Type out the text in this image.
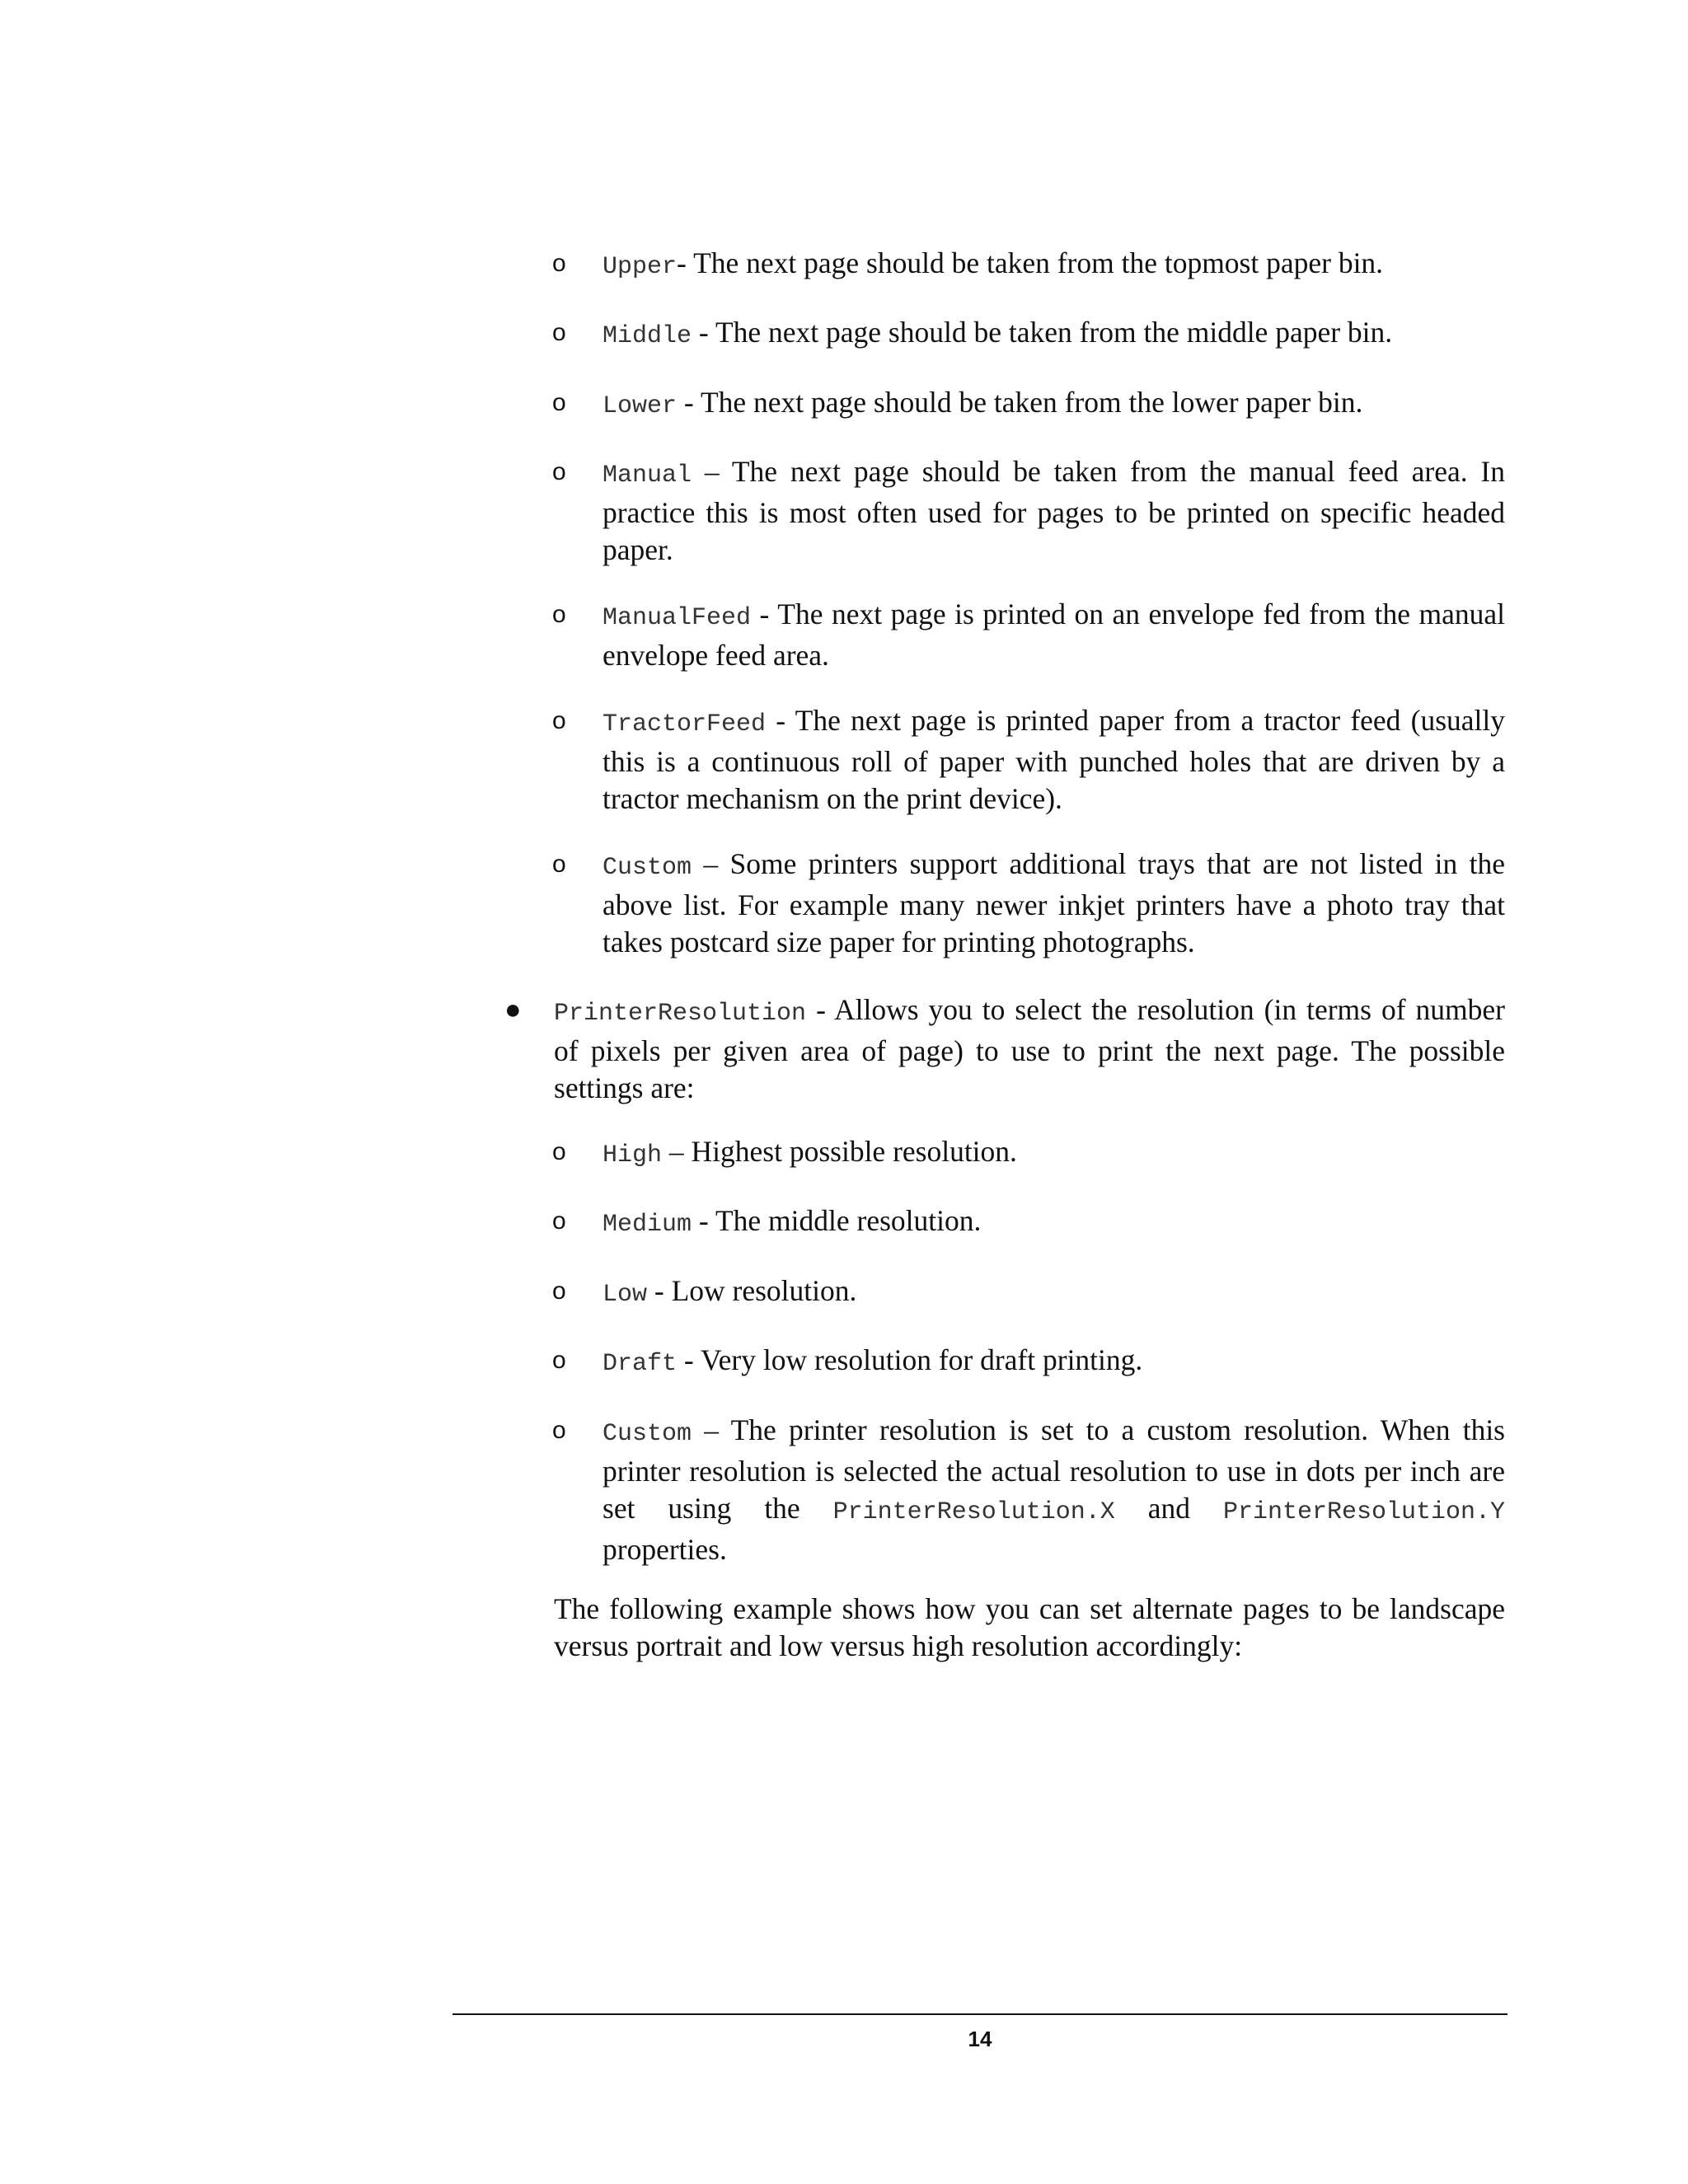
o Upper- The next page should be taken from the topmost paper bin.

o Middle - The next page should be taken from the middle paper bin.

o Lower - The next page should be taken from the lower paper bin.

o Manual – The next page should be taken from the manual feed area. In practice this is most often used for pages to be printed on specific headed paper.

o ManualFeed - The next page is printed on an envelope fed from the manual envelope feed area.

o TractorFeed - The next page is printed paper from a tractor feed (usually this is a continuous roll of paper with punched holes that are driven by a tractor mechanism on the print device).

o Custom – Some printers support additional trays that are not listed in the above list. For example many newer inkjet printers have a photo tray that takes postcard size paper for printing photographs.

● PrinterResolution - Allows you to select the resolution (in terms of number of pixels per given area of page) to use to print the next page. The possible settings are:

o High – Highest possible resolution.

o Medium - The middle resolution.

o Low - Low resolution.

o Draft - Very low resolution for draft printing.

o Custom – The printer resolution is set to a custom resolution. When this printer resolution is selected the actual resolution to use in dots per inch are set using the PrinterResolution.X and PrinterResolution.Y properties.

The following example shows how you can set alternate pages to be landscape versus portrait and low versus high resolution accordingly:

14
